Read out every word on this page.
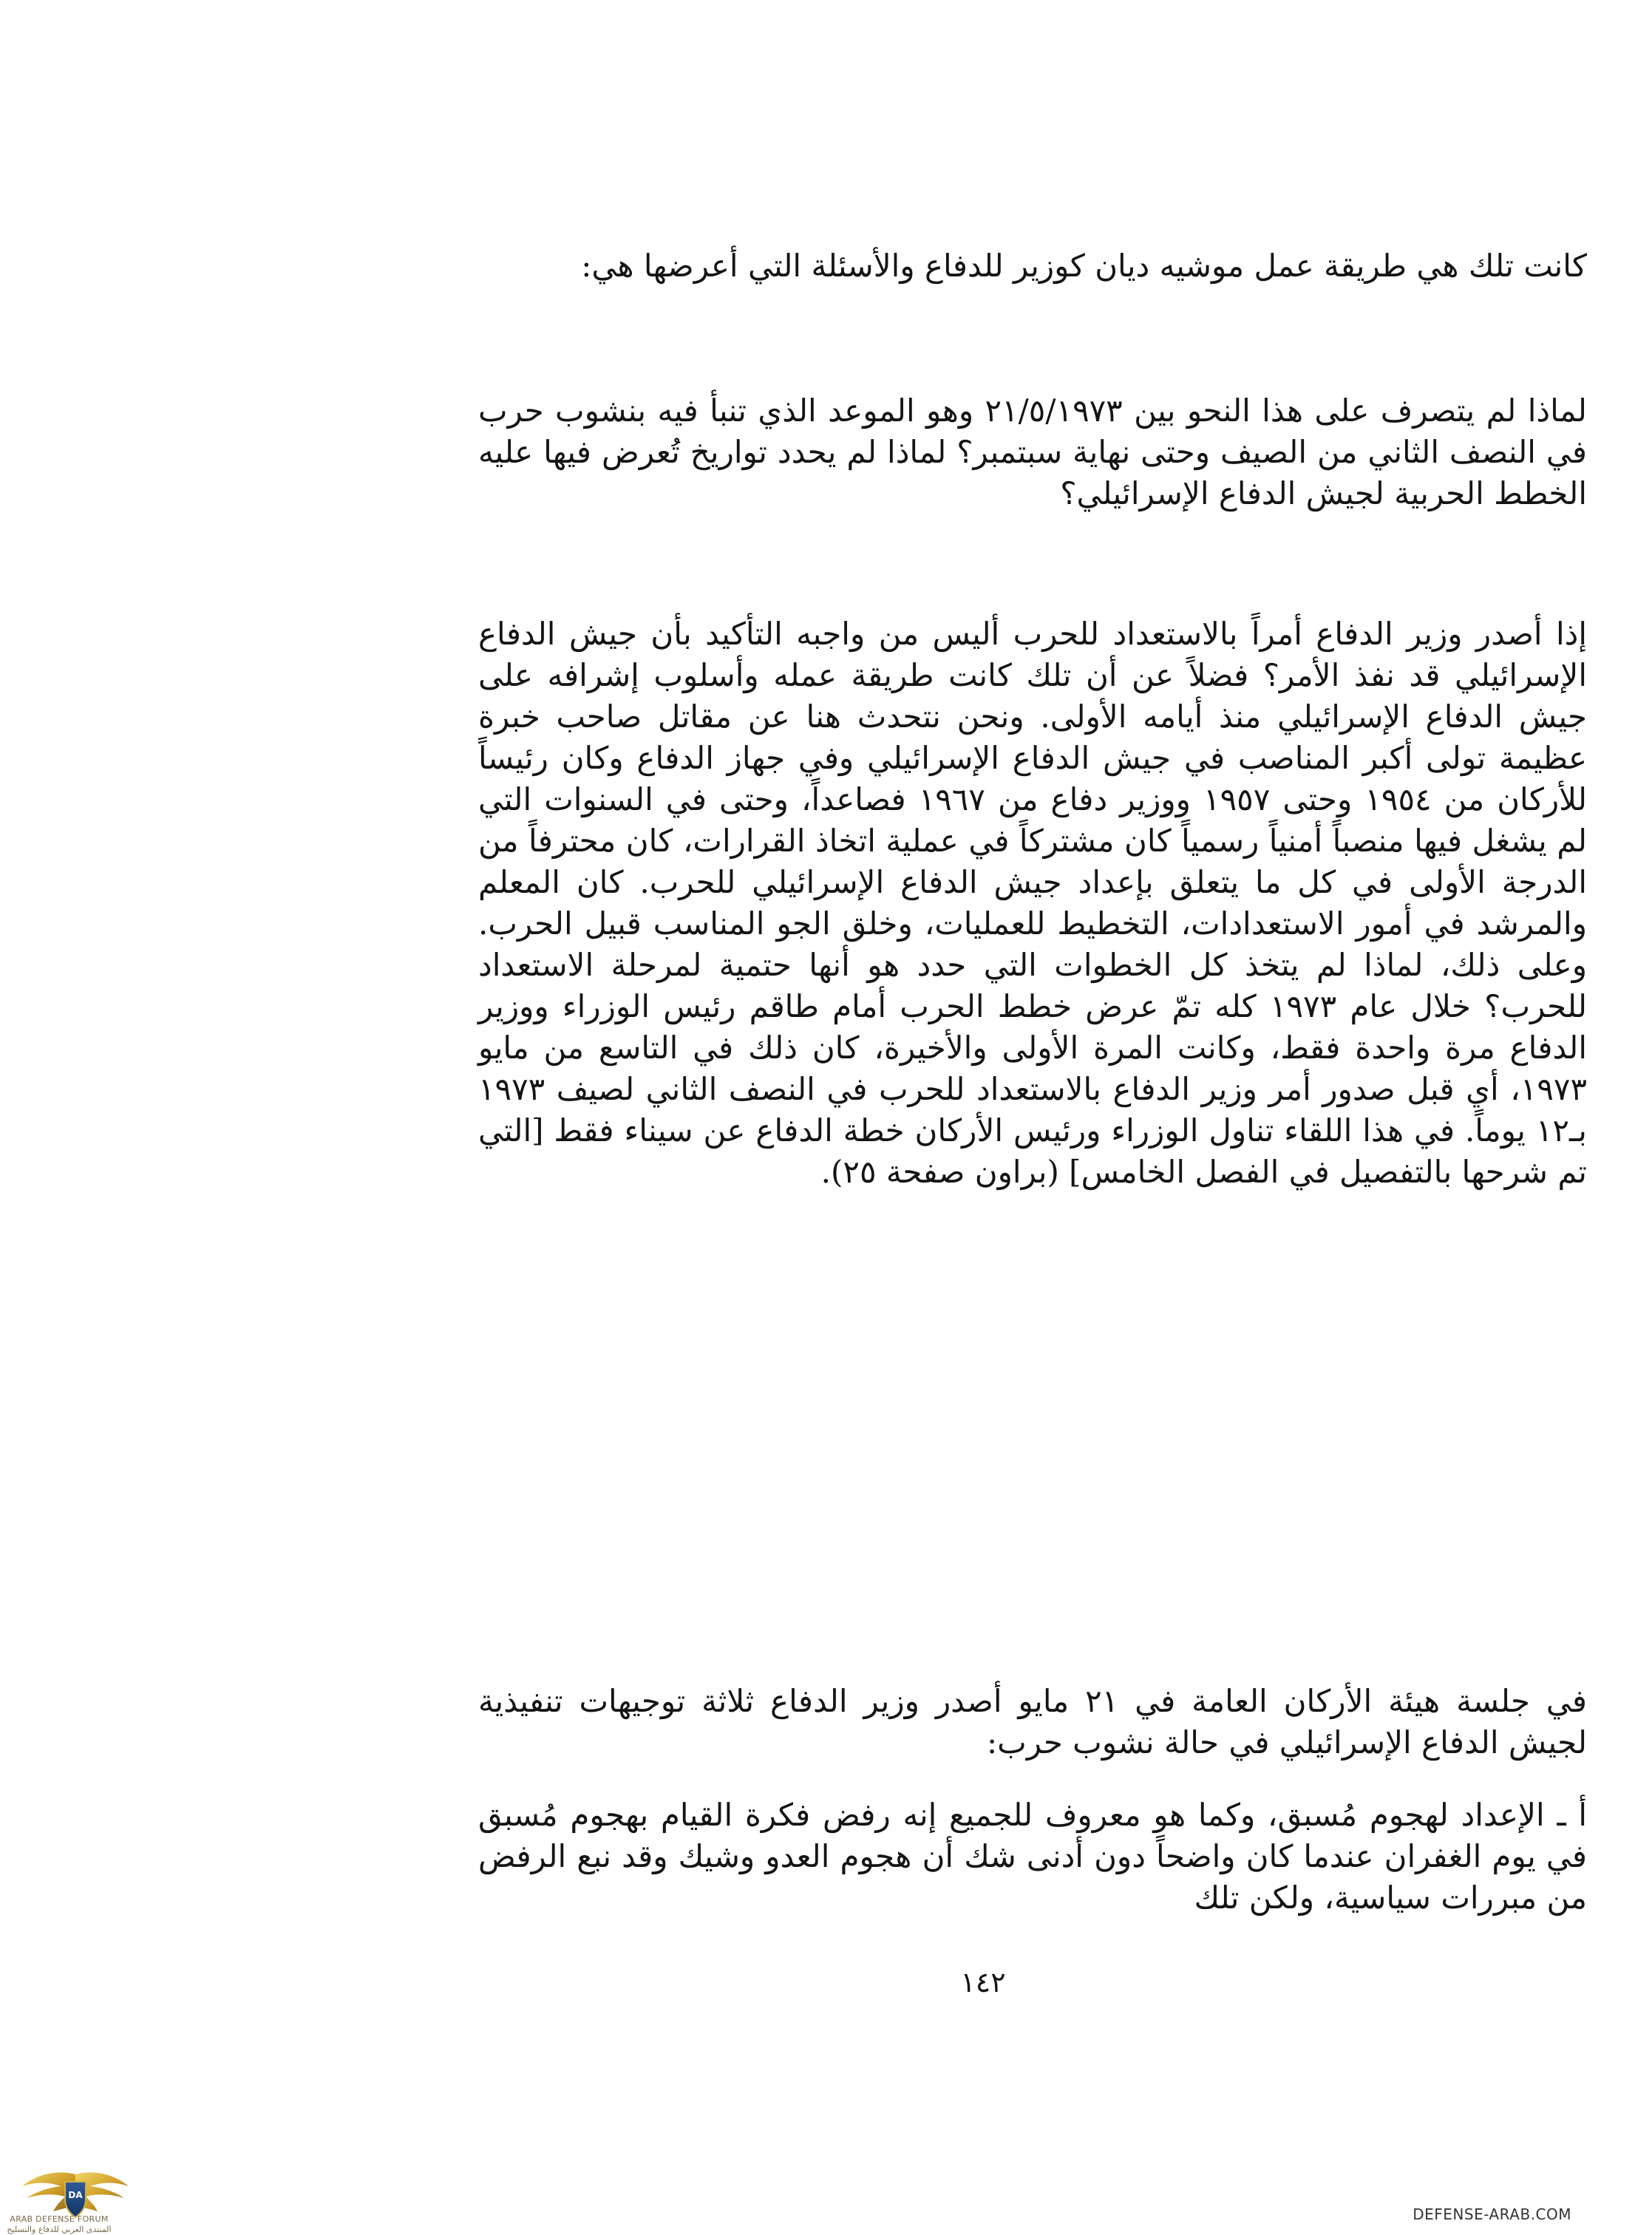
كانت تلك هي طريقة عمل موشيه ديان كوزير للدفاع والأسئلة التي أعرضها هي:

لماذا لم يتصرف على هذا النحو بين ٢١/٥/١٩٧٣ وهو الموعد الذي تنبأ فيه بنشوب حرب في النصف الثاني من الصيف وحتى نهاية سبتمبر؟ لماذا لم يحدد تواريخ تُعرض فيها عليه الخطط الحربية لجيش الدفاع الإسرائيلي؟

إذا أصدر وزير الدفاع أمراً بالاستعداد للحرب أليس من واجبه التأكيد بأن جيش الدفاع الإسرائيلي قد نفذ الأمر؟ فضلاً عن أن تلك كانت طريقة عمله وأسلوب إشرافه على جيش الدفاع الإسرائيلي منذ أيامه الأولى. ونحن نتحدث هنا عن مقاتل صاحب خبرة عظيمة تولى أكبر المناصب في جيش الدفاع الإسرائيلي وفي جهاز الدفاع وكان رئيساً للأركان من ١٩٥٤ وحتى ١٩٥٧ ووزير دفاع من ١٩٦٧ فصاعداً، وحتى في السنوات التي لم يشغل فيها منصباً أمنياً رسمياً كان مشتركاً في عملية اتخاذ القرارات، كان محترفاً من الدرجة الأولى في كل ما يتعلق بإعداد جيش الدفاع الإسرائيلي للحرب. كان المعلم والمرشد في أمور الاستعدادات، التخطيط للعمليات، وخلق الجو المناسب قبيل الحرب. وعلى ذلك، لماذا لم يتخذ كل الخطوات التي حدد هو أنها حتمية لمرحلة الاستعداد للحرب؟ خلال عام ١٩٧٣ كله تمّ عرض خطط الحرب أمام طاقم رئيس الوزراء ووزير الدفاع مرة واحدة فقط، وكانت المرة الأولى والأخيرة، كان ذلك في التاسع من مايو ١٩٧٣، أي قبل صدور أمر وزير الدفاع بالاستعداد للحرب في النصف الثاني لصيف ١٩٧٣ بـ١٢ يوماً. في هذا اللقاء تناول الوزراء ورئيس الأركان خطة الدفاع عن سيناء فقط [التي تم شرحها بالتفصيل في الفصل الخامس] (براون صفحة ٢٥).

في جلسة هيئة الأركان العامة في ٢١ مايو أصدر وزير الدفاع ثلاثة توجيهات تنفيذية لجيش الدفاع الإسرائيلي في حالة نشوب حرب:

أ ـ الإعداد لهجوم مُسبق، وكما هو معروف للجميع إنه رفض فكرة القيام بهجوم مُسبق في يوم الغفران عندما كان واضحاً دون أدنى شك أن هجوم العدو وشيك وقد نبع الرفض من مبررات سياسية، ولكن تلك

١٤٢
DA
ARAB DEFENSE FORUM
المنتدى العربي للدفاع والتسليح
DEFENSE-ARAB.COM
